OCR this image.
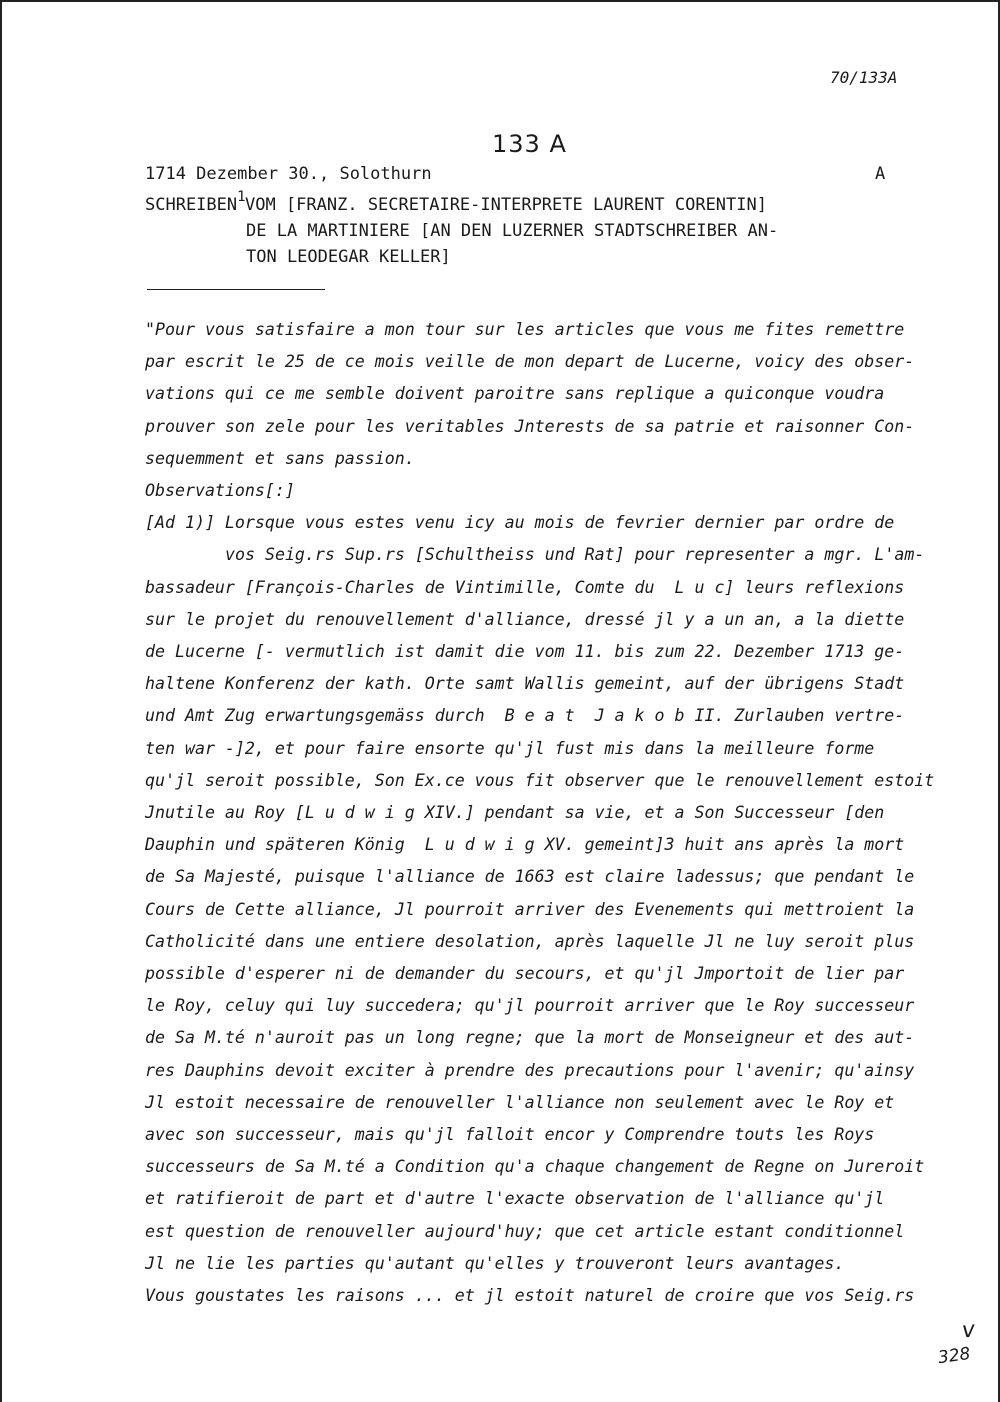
70/133A
133 A
1714 Dezember 30., Solothurn	A
SCHREIBEN$^1$VOM [FRANZ. SECRETAIRE-INTERPRETE LAURENT CORENTIN]
DE LA MARTINIERE [AN DEN LUZERNER STADTSCHREIBER AN-
TON LEODEGAR KELLER]

"Pour vous satisfaire a mon tour sur les articles que vous me fites remettre

par escrit le 25 de ce mois veille de mon depart de Lucerne, voicy des obser-

vations qui ce me semble doivent paroitre sans replique a quiconque voudra

prouver son zele pour les veritables Jnterests de sa patrie et raisonner Con-

sequemment et sans passion.

Observations[:]

[Ad 1)] Lorsque vous estes venu icy au mois de fevrier dernier par ordre de

vos Seig.rs Sup.rs [Schultheiss und Rat] pour representer a mgr. L'am-

bassadeur [François-Charles de Vintimille, Comte du  L u c] leurs reflexions

sur le projet du renouvellement d'alliance, dressé jl y a un an, a la diette

de Lucerne [- vermutlich ist damit die vom 11. bis zum 22. Dezember 1713 ge-

haltene Konferenz der kath. Orte samt Wallis gemeint, auf der übrigens Stadt

und Amt Zug erwartungsgemäss durch  B e a t  J a k o b II. Zurlauben vertre-

ten war -]2, et pour faire ensorte qu'jl fust mis dans la meilleure forme

qu'jl seroit possible, Son Ex.ce vous fit observer que le renouvellement estoit

Jnutile au Roy [L u d w i g XIV.] pendant sa vie, et a Son Successeur [den

Dauphin und späteren König  L u d w i g XV. gemeint]3 huit ans après la mort

de Sa Majesté, puisque l'alliance de 1663 est claire ladessus; que pendant le

Cours de Cette alliance, Jl pourroit arriver des Evenements qui mettroient la

Catholicité dans une entiere desolation, après laquelle Jl ne luy seroit plus

possible d'esperer ni de demander du secours, et qu'jl Jmportoit de lier par

le Roy, celuy qui luy succedera; qu'jl pourroit arriver que le Roy successeur

de Sa M.té n'auroit pas un long regne; que la mort de Monseigneur et des aut-

res Dauphins devoit exciter à prendre des precautions pour l'avenir; qu'ainsy

Jl estoit necessaire de renouveller l'alliance non seulement avec le Roy et

avec son successeur, mais qu'jl falloit encor y Comprendre touts les Roys

successeurs de Sa M.té a Condition qu'a chaque changement de Regne on Jureroit

et ratifieroit de part et d'autre l'exacte observation de l'alliance qu'jl

est question de renouveller aujourd'huy; que cet article estant conditionnel

Jl ne lie les parties qu'autant qu'elles y trouveront leurs avantages.

Vous goustates les raisons ... et jl estoit naturel de croire que vos Seig.rs

v
328
